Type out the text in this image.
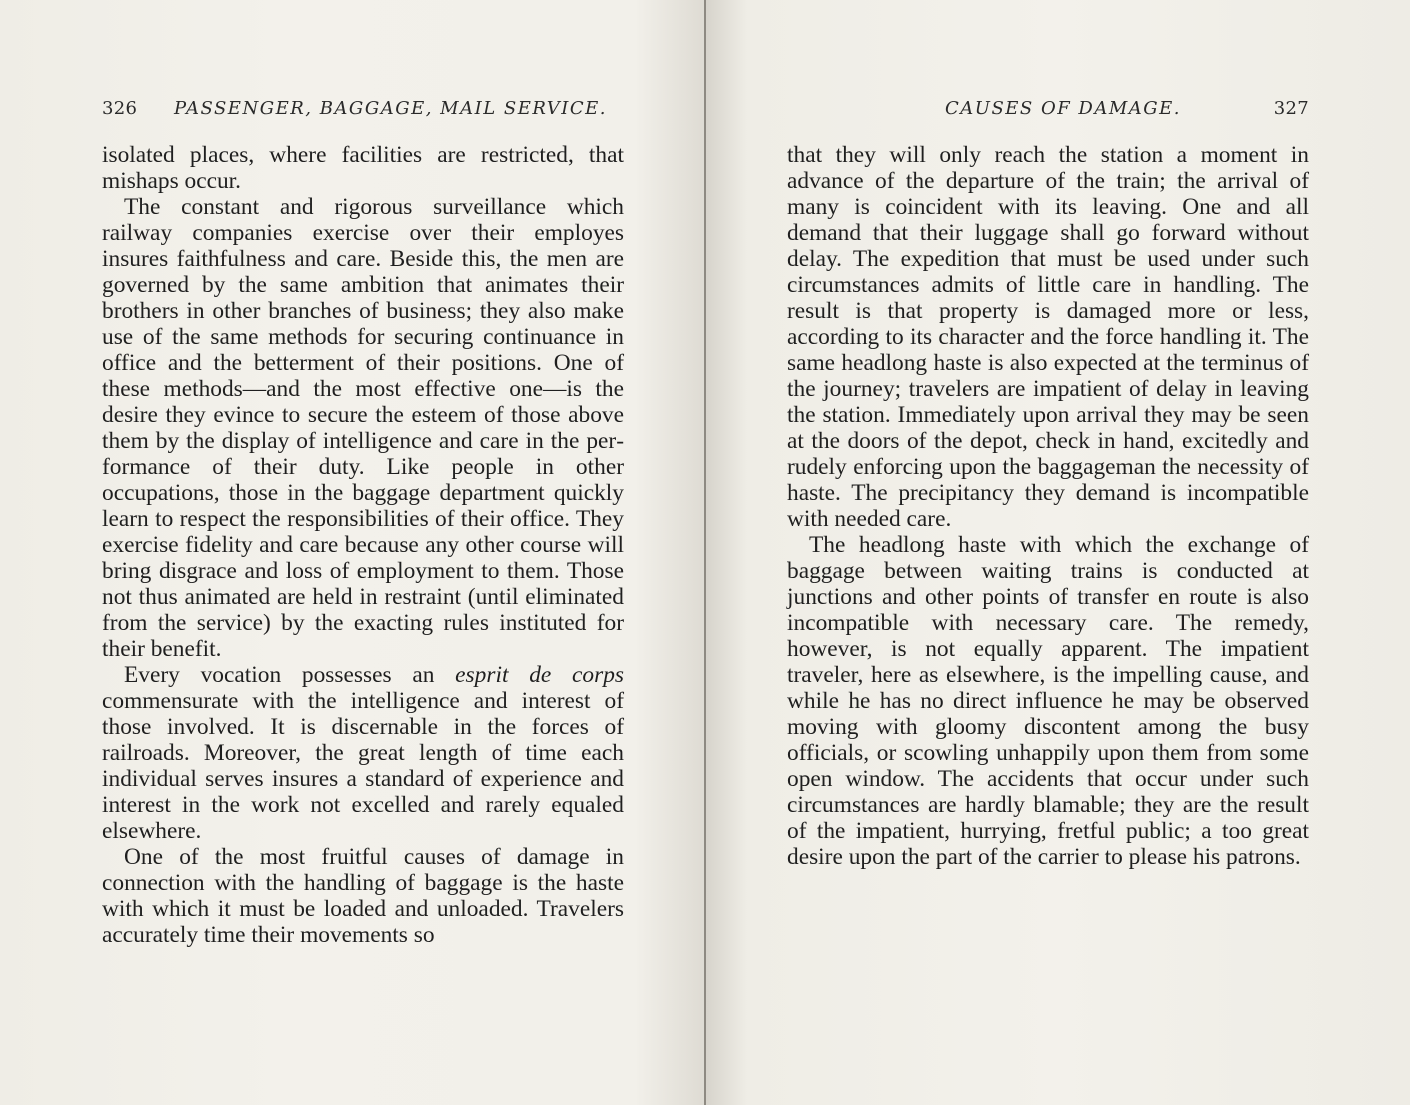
326 PASSENGER, BAGGAGE, MAIL SERVICE.

isolated places, where facilities are restricted, that mishaps occur.

The constant and rigorous surveillance which railway companies exercise over their employes insures faithfulness and care. Beside this, the men are governed by the same ambition that animates their brothers in other branches of business; they also make use of the same methods for securing continuance in office and the betterment of their positions. One of these methods—and the most effective one—is the desire they evince to secure the esteem of those above them by the display of intelligence and care in the performance of their duty. Like people in other occupations, those in the baggage department quickly learn to respect the responsibilities of their office. They exercise fidelity and care because any other course will bring disgrace and loss of employment to them. Those not thus animated are held in restraint (until eliminated from the service) by the exacting rules instituted for their benefit.

Every vocation possesses an esprit de corps commensurate with the intelligence and interest of those involved. It is discernable in the forces of railroads. Moreover, the great length of time each individual serves insures a standard of experience and interest in the work not excelled and rarely equaled elsewhere.

One of the most fruitful causes of damage in connection with the handling of baggage is the haste with which it must be loaded and unloaded. Travelers accurately time their movements so

CAUSES OF DAMAGE.	327

that they will only reach the station a moment in advance of the departure of the train; the arrival of many is coincident with its leaving. One and all demand that their luggage shall go forward without delay. The expedition that must be used under such circumstances admits of little care in handling. The result is that property is damaged more or less, according to its character and the force handling it. The same headlong haste is also expected at the terminus of the journey; travelers are impatient of delay in leaving the station. Immediately upon arrival they may be seen at the doors of the depot, check in hand, excitedly and rudely enforcing upon the baggageman the necessity of haste. The precipitancy they demand is incompatible with needed care.

The headlong haste with which the exchange of baggage between waiting trains is conducted at junctions and other points of transfer en route is also incompatible with necessary care. The remedy, however, is not equally apparent. The impatient traveler, here as elsewhere, is the impelling cause, and while he has no direct influence he may be observed moving with gloomy discontent among the busy officials, or scowling unhappily upon them from some open window. The accidents that occur under such circumstances are hardly blamable; they are the result of the impatient, hurrying, fretful public; a too great desire upon the part of the carrier to please his patrons.
